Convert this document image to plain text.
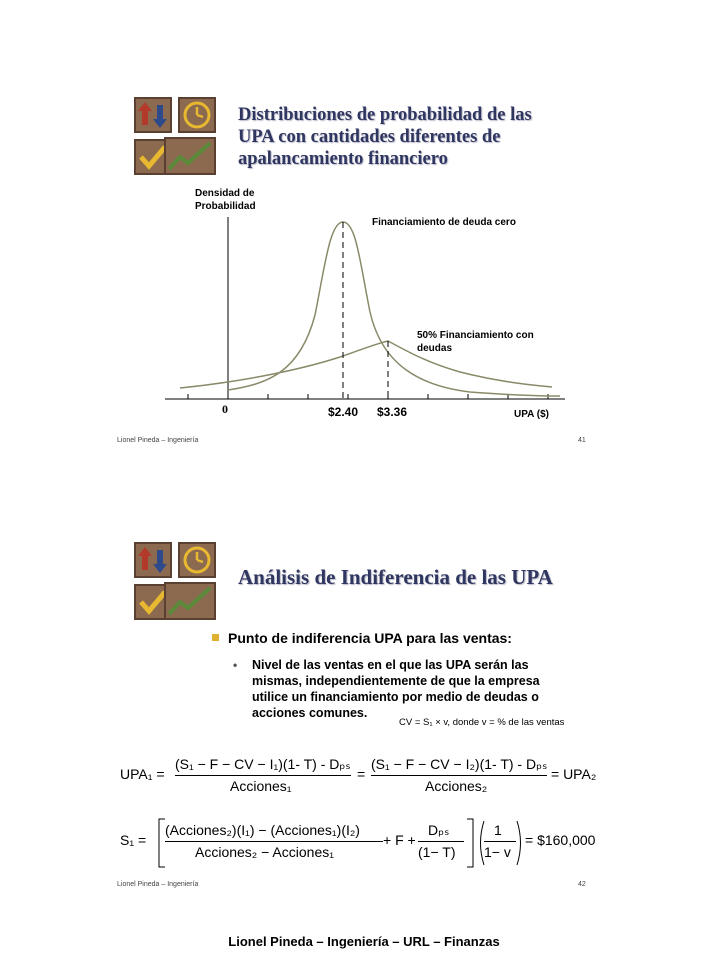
Distribuciones de probabilidad de las UPA con cantidades diferentes de apalancamiento financiero
Densidad de Probabilidad
Financiamiento de deuda cero
50% Financiamiento con deudas
0	$2.40 $3.36	UPA ($)
Lionel Pineda – Ingeniería	41
Análisis de Indiferencia de las UPA
Punto de indiferencia UPA para las ventas:
• Nivel de las ventas en el que las UPA serán las mismas, independientemente de que la empresa utilice un financiamiento por medio de deudas o acciones comunes.
CV = S₁ × v, donde v = % de las ventas
UPA₁ =
(S₁ − F − CV − I₁)(1- T) - Dₚₛ
Acciones₁
=
(S₁ − F − CV − I₂)(1- T) - Dₚₛ
Acciones₂
= UPA₂
S₁ =
(Acciones₂)(I₁) − (Acciones₁)(I₂)
Acciones₂ − Acciones₁
+ F +
Dₚₛ
(1− T)
1
1− v
= $160,000
Lionel Pineda – Ingeniería	42
Lionel Pineda – Ingeniería – URL – Finanzas
